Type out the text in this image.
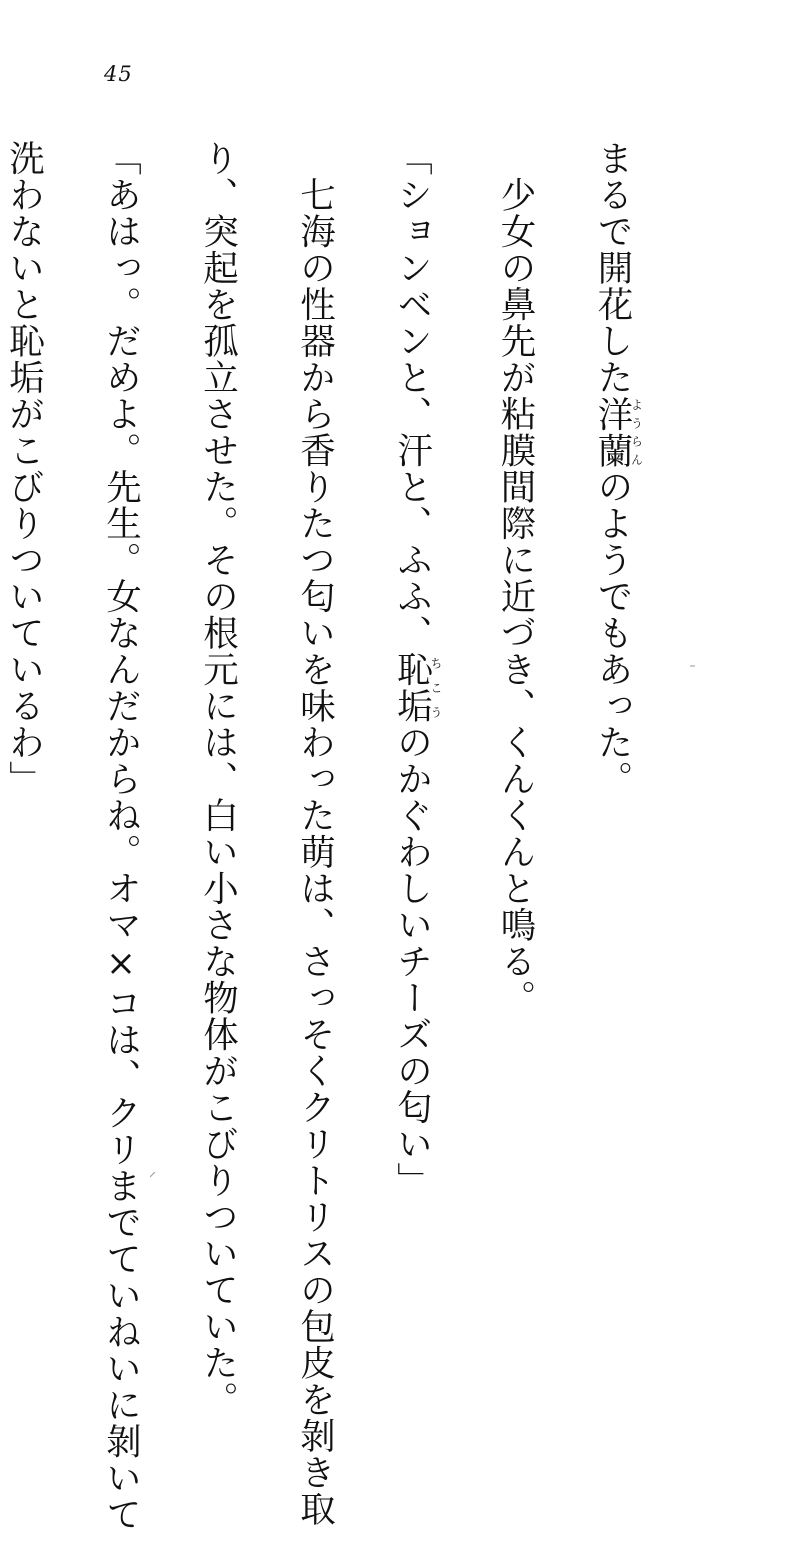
45

まるで開花した洋蘭ようらんのようでもあった。

　少女の鼻先が粘膜間際に近づき、くんくんと鳴る。

「ションベンと、汗と、ふふ、恥垢ちこうのかぐわしいチーズの匂い」

　七海の性器から香りたつ匂いを味わった萌は、さっそくクリトリスの包皮を剝き取

り、突起を孤立させた。その根元には、白い小さな物体がこびりついていた。

「あはっ。だめよ。先生。女なんだからね。オマ×コは、クリまでていねいに剝いて

洗わないと恥垢がこびりついているわ」
